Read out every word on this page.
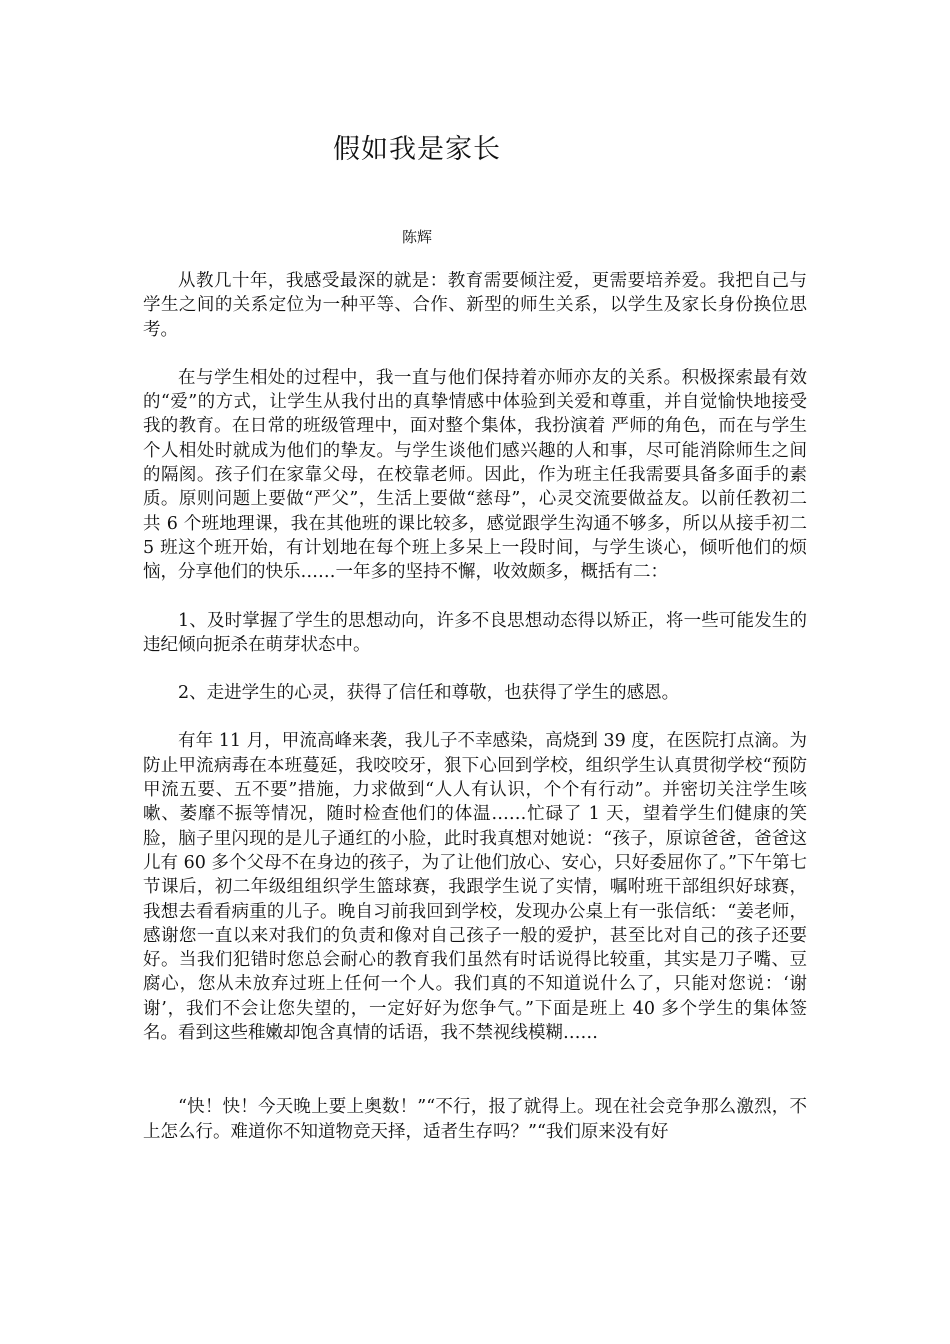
假如我是家长

陈辉

从教几十年，我感受最深的就是：教育需要倾注爱，更需要培养爱。我把自己与学生之间的关系定位为一种平等、合作、新型的师生关系，以学生及家长身份换位思考。

在与学生相处的过程中，我一直与他们保持着亦师亦友的关系。积极探索最有效的“爱”的方式，让学生从我付出的真挚情感中体验到关爱和尊重，并自觉愉快地接受我的教育。在日常的班级管理中，面对整个集体，我扮演着 严师的角色，而在与学生个人相处时就成为他们的挚友。与学生谈他们感兴趣的人和事，尽可能消除师生之间的隔阂。孩子们在家靠父母，在校靠老师。因此，作为班主任我需要具备多面手的素质。原则问题上要做“严父”，生活上要做“慈母”，心灵交流要做益友。以前任教初二共 6 个班地理课，我在其他班的课比较多，感觉跟学生沟通不够多，所以从接手初二 5 班这个班开始，有计划地在每个班上多呆上一段时间，与学生谈心，倾听他们的烦恼，分享他们的快乐……一年多的坚持不懈，收效颇多，概括有二：

1、及时掌握了学生的思想动向，许多不良思想动态得以矫正，将一些可能发生的违纪倾向扼杀在萌芽状态中。

2、走进学生的心灵，获得了信任和尊敬，也获得了学生的感恩。

有年 11 月，甲流高峰来袭，我儿子不幸感染，高烧到 39 度，在医院打点滴。为防止甲流病毒在本班蔓延，我咬咬牙，狠下心回到学校，组织学生认真贯彻学校“预防甲流五要、五不要”措施，力求做到“人人有认识，个个有行动”。并密切关注学生咳嗽、萎靡不振等情况，随时检查他们的体温……忙碌了 1 天，望着学生们健康的笑脸，脑子里闪现的是儿子通红的小脸，此时我真想对她说：“孩子，原谅爸爸，爸爸这儿有 60 多个父母不在身边的孩子，为了让他们放心、安心，只好委屈你了。”下午第七节课后，初二年级组组织学生篮球赛，我跟学生说了实情，嘱咐班干部组织好球赛，我想去看看病重的儿子。晚自习前我回到学校，发现办公桌上有一张信纸：“姜老师，感谢您一直以来对我们的负责和像对自己孩子一般的爱护，甚至比对自己的孩子还要好。当我们犯错时您总会耐心的教育我们虽然有时话说得比较重，其实是刀子嘴、豆腐心，您从未放弃过班上任何一个人。我们真的不知道说什么了，只能对您说：‘谢谢’，我们不会让您失望的，一定好好为您争气。”下面是班上 40 多个学生的集体签名。看到这些稚嫩却饱含真情的话语，我不禁视线模糊……

“快！快！今天晚上要上奥数！”“不行，报了就得上。现在社会竞争那么激烈，不上怎么行。难道你不知道物竞天择，适者生存吗？”“我们原来没有好
